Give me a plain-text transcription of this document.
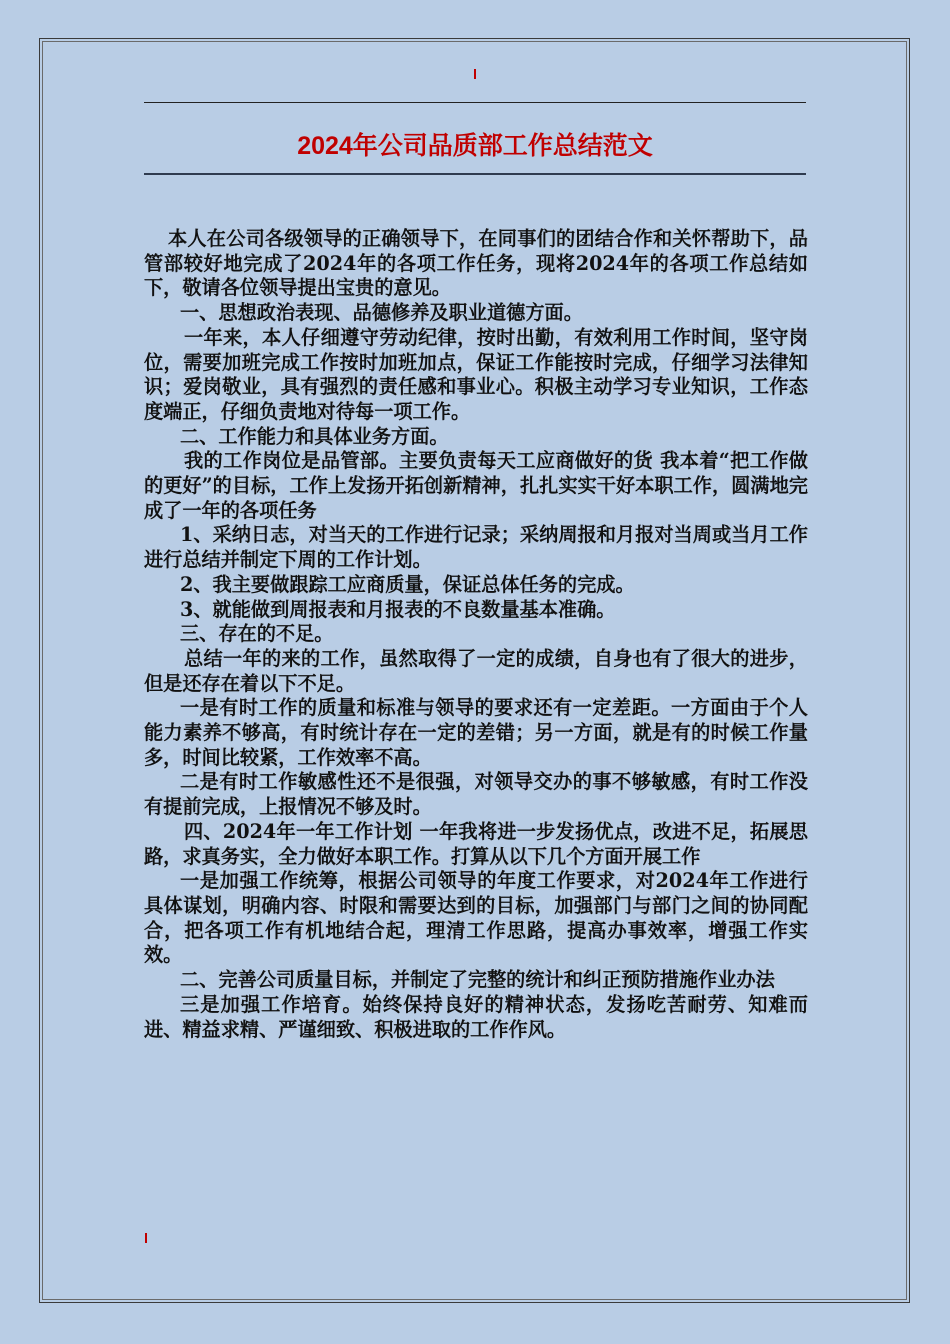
2024年公司品质部工作总结范文

本人在公司各级领导的正确领导下，在同事们的团结合作和关怀帮助下，品管部较好地完成了2024年的各项工作任务，现将2024年的各项工作总结如下，敬请各位领导提出宝贵的意见。

一、思想政治表现、品德修养及职业道德方面。

一年来，本人仔细遵守劳动纪律，按时出勤，有效利用工作时间，坚守岗位，需要加班完成工作按时加班加点，保证工作能按时完成，仔细学习法律知识；爱岗敬业，具有强烈的责任感和事业心。积极主动学习专业知识，工作态度端正，仔细负责地对待每一项工作。

二、工作能力和具体业务方面。

我的工作岗位是品管部。主要负责每天工应商做好的货 我本着“把工作做的更好”的目标，工作上发扬开拓创新精神，扎扎实实干好本职工作，圆满地完成了一年的各项任务

1、采纳日志，对当天的工作进行记录；采纳周报和月报对当周或当月工作进行总结并制定下周的工作计划。

2、我主要做跟踪工应商质量，保证总体任务的完成。

3、就能做到周报表和月报表的不良数量基本准确。

三、存在的不足。

总结一年的来的工作，虽然取得了一定的成绩，自身也有了很大的进步，但是还存在着以下不足。

一是有时工作的质量和标准与领导的要求还有一定差距。一方面由于个人能力素养不够高，有时统计存在一定的差错；另一方面，就是有的时候工作量多，时间比较紧，工作效率不高。

二是有时工作敏感性还不是很强，对领导交办的事不够敏感，有时工作没有提前完成，上报情况不够及时。

四、2024年一年工作计划 一年我将进一步发扬优点，改进不足，拓展思路，求真务实，全力做好本职工作。打算从以下几个方面开展工作

一是加强工作统筹，根据公司领导的年度工作要求，对2024年工作进行具体谋划，明确内容、时限和需要达到的目标，加强部门与部门之间的协同配合，把各项工作有机地结合起，理清工作思路，提高办事效率，增强工作实效。

二、完善公司质量目标，并制定了完整的统计和纠正预防措施作业办法

三是加强工作培育。始终保持良好的精神状态，发扬吃苦耐劳、知难而进、精益求精、严谨细致、积极进取的工作作风。
